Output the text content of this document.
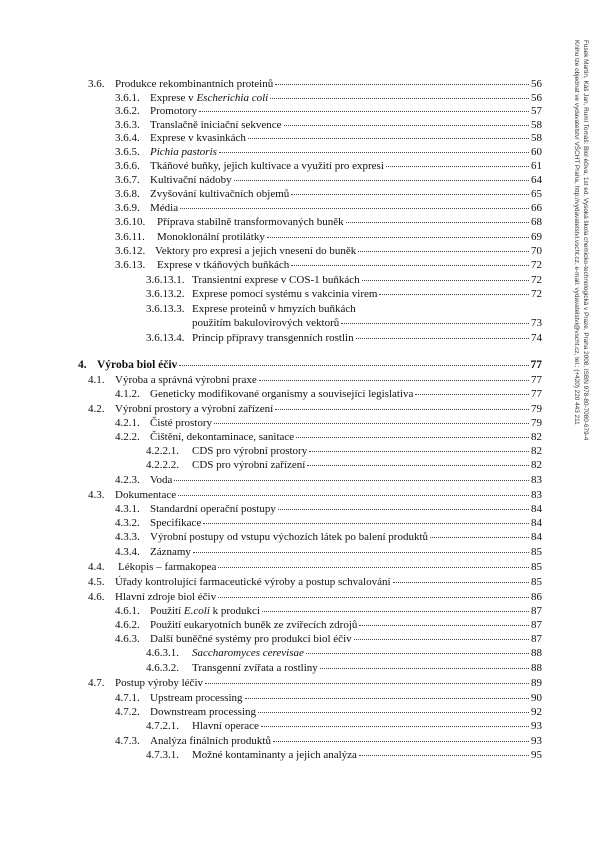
3.6. Produkce rekombinantních proteinů	56
3.6.1. Exprese v Escherichia coli	56
3.6.2. Promotory	57
3.6.3. Translačně iniciační sekvence	58
3.6.4. Exprese v kvasinkách	58
3.6.5. Pichia pastoris	60
3.6.6. Tkáňové buňky, jejich kultivace a využití pro expresi	61
3.6.7. Kultivační nádoby	64
3.6.8. Zvyšování kultivačních objemů	65
3.6.9. Média	66
3.6.10.	Příprava stabilně transformovaných buněk	68
3.6.11.	Monoklonální protilátky	69
3.6.12. Vektory pro expresi a jejich vnesení do buněk	70
3.6.13.	Exprese v tkáňových buňkách	72
3.6.13.1. Transientní exprese v COS-1 buňkách	72
3.6.13.2. Exprese pomocí systému s vakcinia virem	72
3.6.13.3. Exprese proteinů v hmyzích buňkách
použitím bakulovirových vektorů	73
3.6.13.4. Princip přípravy transgenních rostlin	74
4. Výroba biol éčiv	77
4.1. Výroba a správná výrobní praxe	77
4.1.2. Geneticky modifikované organismy a související legislativa	77
4.2. Výrobní prostory a výrobní zařízení	79
4.2.1. Čisté prostory	79
4.2.2. Čištění, dekontaminace, sanitace	82
4.2.2.1.	CDS pro výrobní prostory	82
4.2.2.2.	CDS pro výrobní zařízení	82
4.2.3. Voda	83
4.3. Dokumentace	83
4.3.1. Standardní operační postupy	84
4.3.2. Specifikace	84
4.3.3. Výrobní postupy od vstupu výchozích látek po balení produktů	84
4.3.4. Záznamy	85
4.4.	Lékopis – farmakopea	85
4.5. Úřady kontrolující farmaceutické výroby a postup schvalování	85
4.6. Hlavní zdroje biol éčiv	86
4.6.1. Použití E.coli k produkci	87
4.6.2. Použití eukaryotních buněk ze zvířecích zdrojů	87
4.6.3. Další buněčné systémy pro produkci biol éčiv	87
4.6.3.1.	Saccharomyces cerevisae	88
4.6.3.2.	Transgenní zvířata a rostliny	88
4.7. Postup výroby léčiv	89
4.7.1. Upstream processing	90
4.7.2. Downstream processing	92
4.7.2.1.	Hlavní operace	93
4.7.3. Analýza finálních produktů	93
4.7.3.1.	Možné kontaminanty a jejich analýza	95
Fusek Martin, Káš Jan, Ruml Tomáš: Biol éčiva, 1st ed. Vysoká škola chemicko-technologická v Praze, Praha 2008, ISBN 978-80-7080-679-4
Knihu lze objednat ve vydavatelství VŠCHT Praha, http://vydavatelstvi.vscht.cz, e-mail: vydavatelstvi@vscht.cz, tel.: (+420) 220 443 211
